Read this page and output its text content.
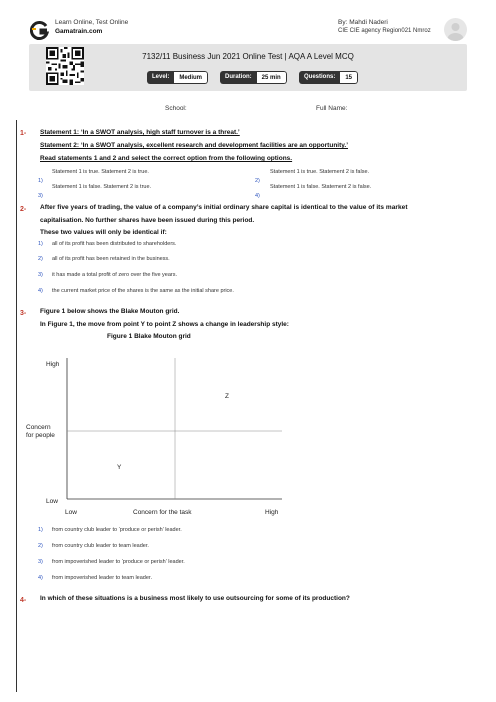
Learn Online, Test Online
Gamatrain.com
By: Mahdi Naderi
CIE CIE agency Region021 Nmroz
7132/11 Business Jun 2021 Online Test | AQA A Level MCQ
Level:	Medium	Duration:	25 min	Questions:	15
School:	Full Name:
1- Statement 1: ‘In a SWOT analysis, high staff turnover is a threat.’
Statement 2: ‘In a SWOT analysis, excellent research and development facilities are an opportunity.’
Read statements 1 and 2 and select the correct option from the following options.
1)
Statement 1 is true. Statement 2 is true.
2)
Statement 1 is true. Statement 2 is false.
3)
Statement 1 is false. Statement 2 is true.
4)
Statement 1 is false. Statement 2 is false.
2- After five years of trading, the value of a company’s initial ordinary share capital is identical to the value of its market
capitalisation. No further shares have been issued during this period.
These two values will only be identical if:
1) all of its profit has been distributed to shareholders.
2) all of its profit has been retained in the business.
3) it has made a total profit of zero over the five years.
4) the current market price of the shares is the same as the initial share price.
3- Figure 1 below shows the Blake Mouton grid.
In Figure 1, the move from point Y to point Z shows a change in leadership style:
Figure 1 Blake Mouton grid
High
Concern
for people
Low
Low	Concern for the task	High
Z
Y
1) from country club leader to ‘produce or perish’ leader.
2) from country club leader to team leader.
3) from impoverished leader to ‘produce or perish’ leader.
4) from impoverished leader to team leader.
4- In which of these situations is a business most likely to use outsourcing for some of its production?
